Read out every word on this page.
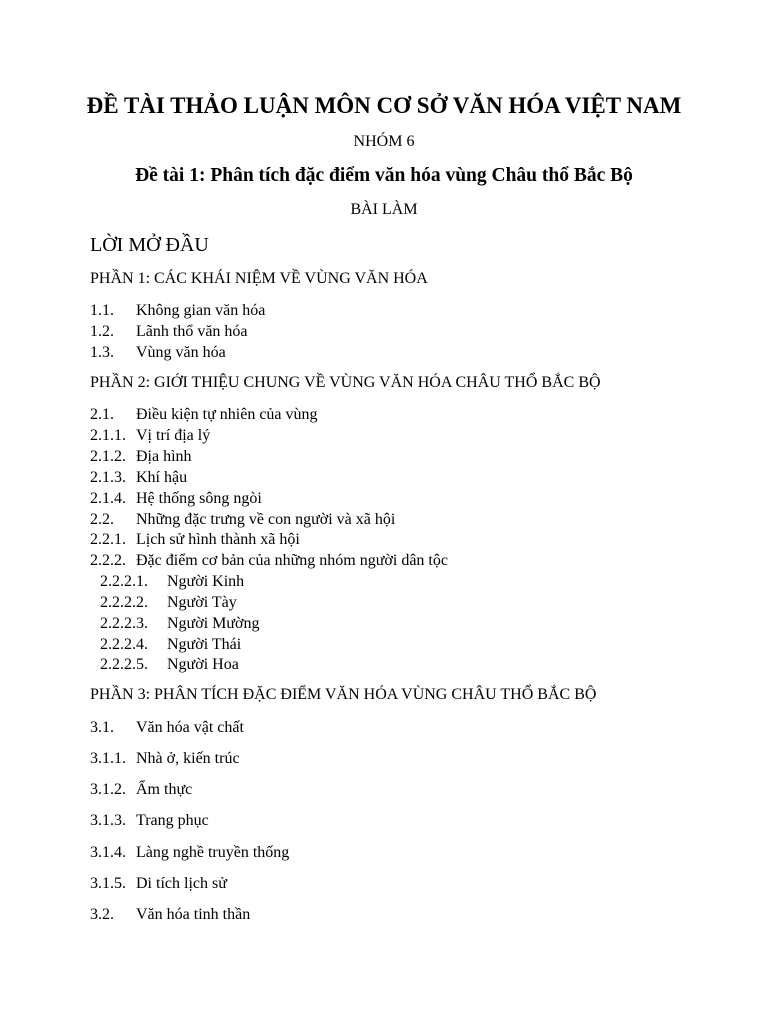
ĐỀ TÀI THẢO LUẬN MÔN CƠ SỞ VĂN HÓA VIỆT NAM
NHÓM 6
Đề tài 1: Phân tích đặc điểm văn hóa vùng Châu thổ Bắc Bộ
BÀI LÀM
LỜI MỞ ĐẦU
PHẦN 1: CÁC KHÁI NIỆM VỀ VÙNG VĂN HÓA
1.1. Không gian văn hóa
1.2. Lãnh thổ văn hóa
1.3. Vùng văn hóa
PHẦN 2: GIỚI THIỆU CHUNG VỀ VÙNG VĂN HÓA CHÂU THỔ BẮC BỘ
2.1. Điều kiện tự nhiên của vùng
2.1.1. Vị trí địa lý
2.1.2. Địa hình
2.1.3. Khí hậu
2.1.4. Hệ thống sông ngòi
2.2. Những đặc trưng về con người và xã hội
2.2.1. Lịch sử hình thành xã hội
2.2.2. Đặc điểm cơ bản của những nhóm người dân tộc
2.2.2.1. Người Kinh
2.2.2.2. Người Tày
2.2.2.3. Người Mường
2.2.2.4. Người Thái
2.2.2.5. Người Hoa
PHẦN 3: PHÂN TÍCH ĐẶC ĐIỂM VĂN HÓA VÙNG CHÂU THỔ BẮC BỘ
3.1. Văn hóa vật chất
3.1.1. Nhà ở, kiến trúc
3.1.2. Ẩm thực
3.1.3. Trang phục
3.1.4. Làng nghề truyền thống
3.1.5. Di tích lịch sử
3.2. Văn hóa tinh thần
